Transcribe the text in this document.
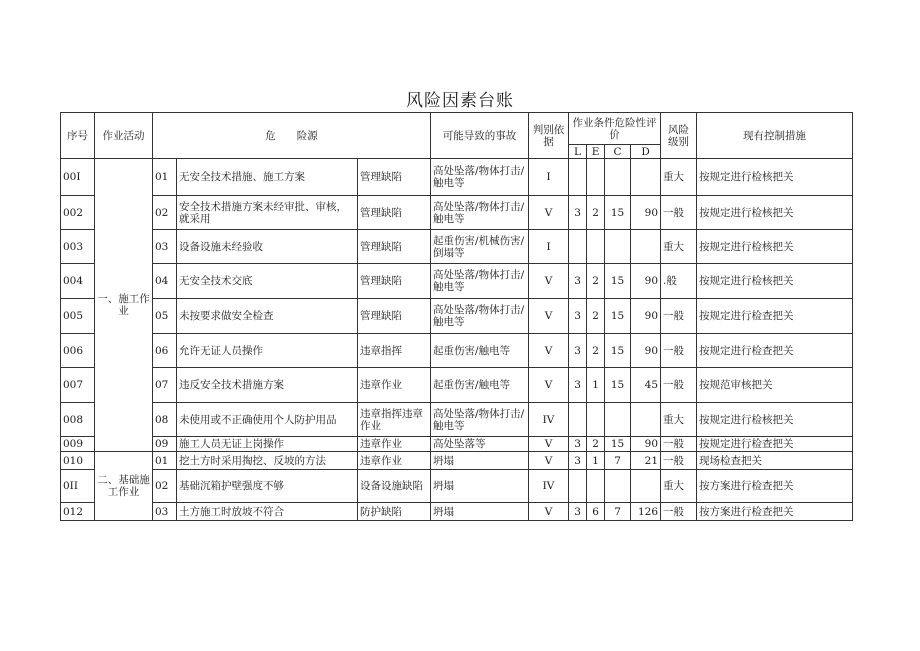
风险因素台账
序号	作业活动	危　　险源			可能导致的事故	判别依据	作业条件危险性评价				风险级别	现有控制措施
							L	E	C	D		
00I	一、施工作业	01	无安全技术措施、施工方案	管理缺陷	高处坠落/物体打击/触电等	I					重大	按规定进行检核把关
002		02	安全技术措施方案未经审批、审核，就采用	管理缺陷	高处坠落/物体打击/触电等	V	3	2	15	90	一般	按规定进行检核把关
003		03	设备设施未经验收	管理缺陷	起重伤害/机械伤害/倒塌等	I					重大	按规定进行检核把关
004		04	无安全技术交底	管理缺陷	高处坠落/物体打击/触电等	V	3	2	15	90	.般	按规定进行检核把关
005		05	未按要求做安全检查	管理缺陷	高处坠落/物体打击/触电等	V	3	2	15	90	一般	按规定进行检查把关
006		06	允许无证人员操作	违章指挥	起重伤害/触电等	V	3	2	15	90	一般	按规定进行检查把关
007		07	违反安全技术措施方案	违章作业	起重伤害/触电等	V	3	1	15	45	一般	按规范审核把关
008		08	未使用或不正确使用个人防护用品	违章指挥违章作业	高处坠落/物体打击/触电等	IV					重大	按规定进行检核把关
009		09	施工人员无证上岗操作	违章作业	高处坠落等	V	3	2	15	90	一般	按规定进行检查把关
010	二、基础施工作业	01	挖土方时采用掏挖、反坡的方法	违章作业	坍塌	V	3	1	7	21	一般	现场检查把关
0II		02	基础沉箱护壁强度不够	设备设施缺陷	坍塌	IV					重大	按方案进行检查把关
012		03	土方施工时放坡不符合	防护缺陷	坍塌	V	3	6	7	126	一般	按方案进行检查把关
